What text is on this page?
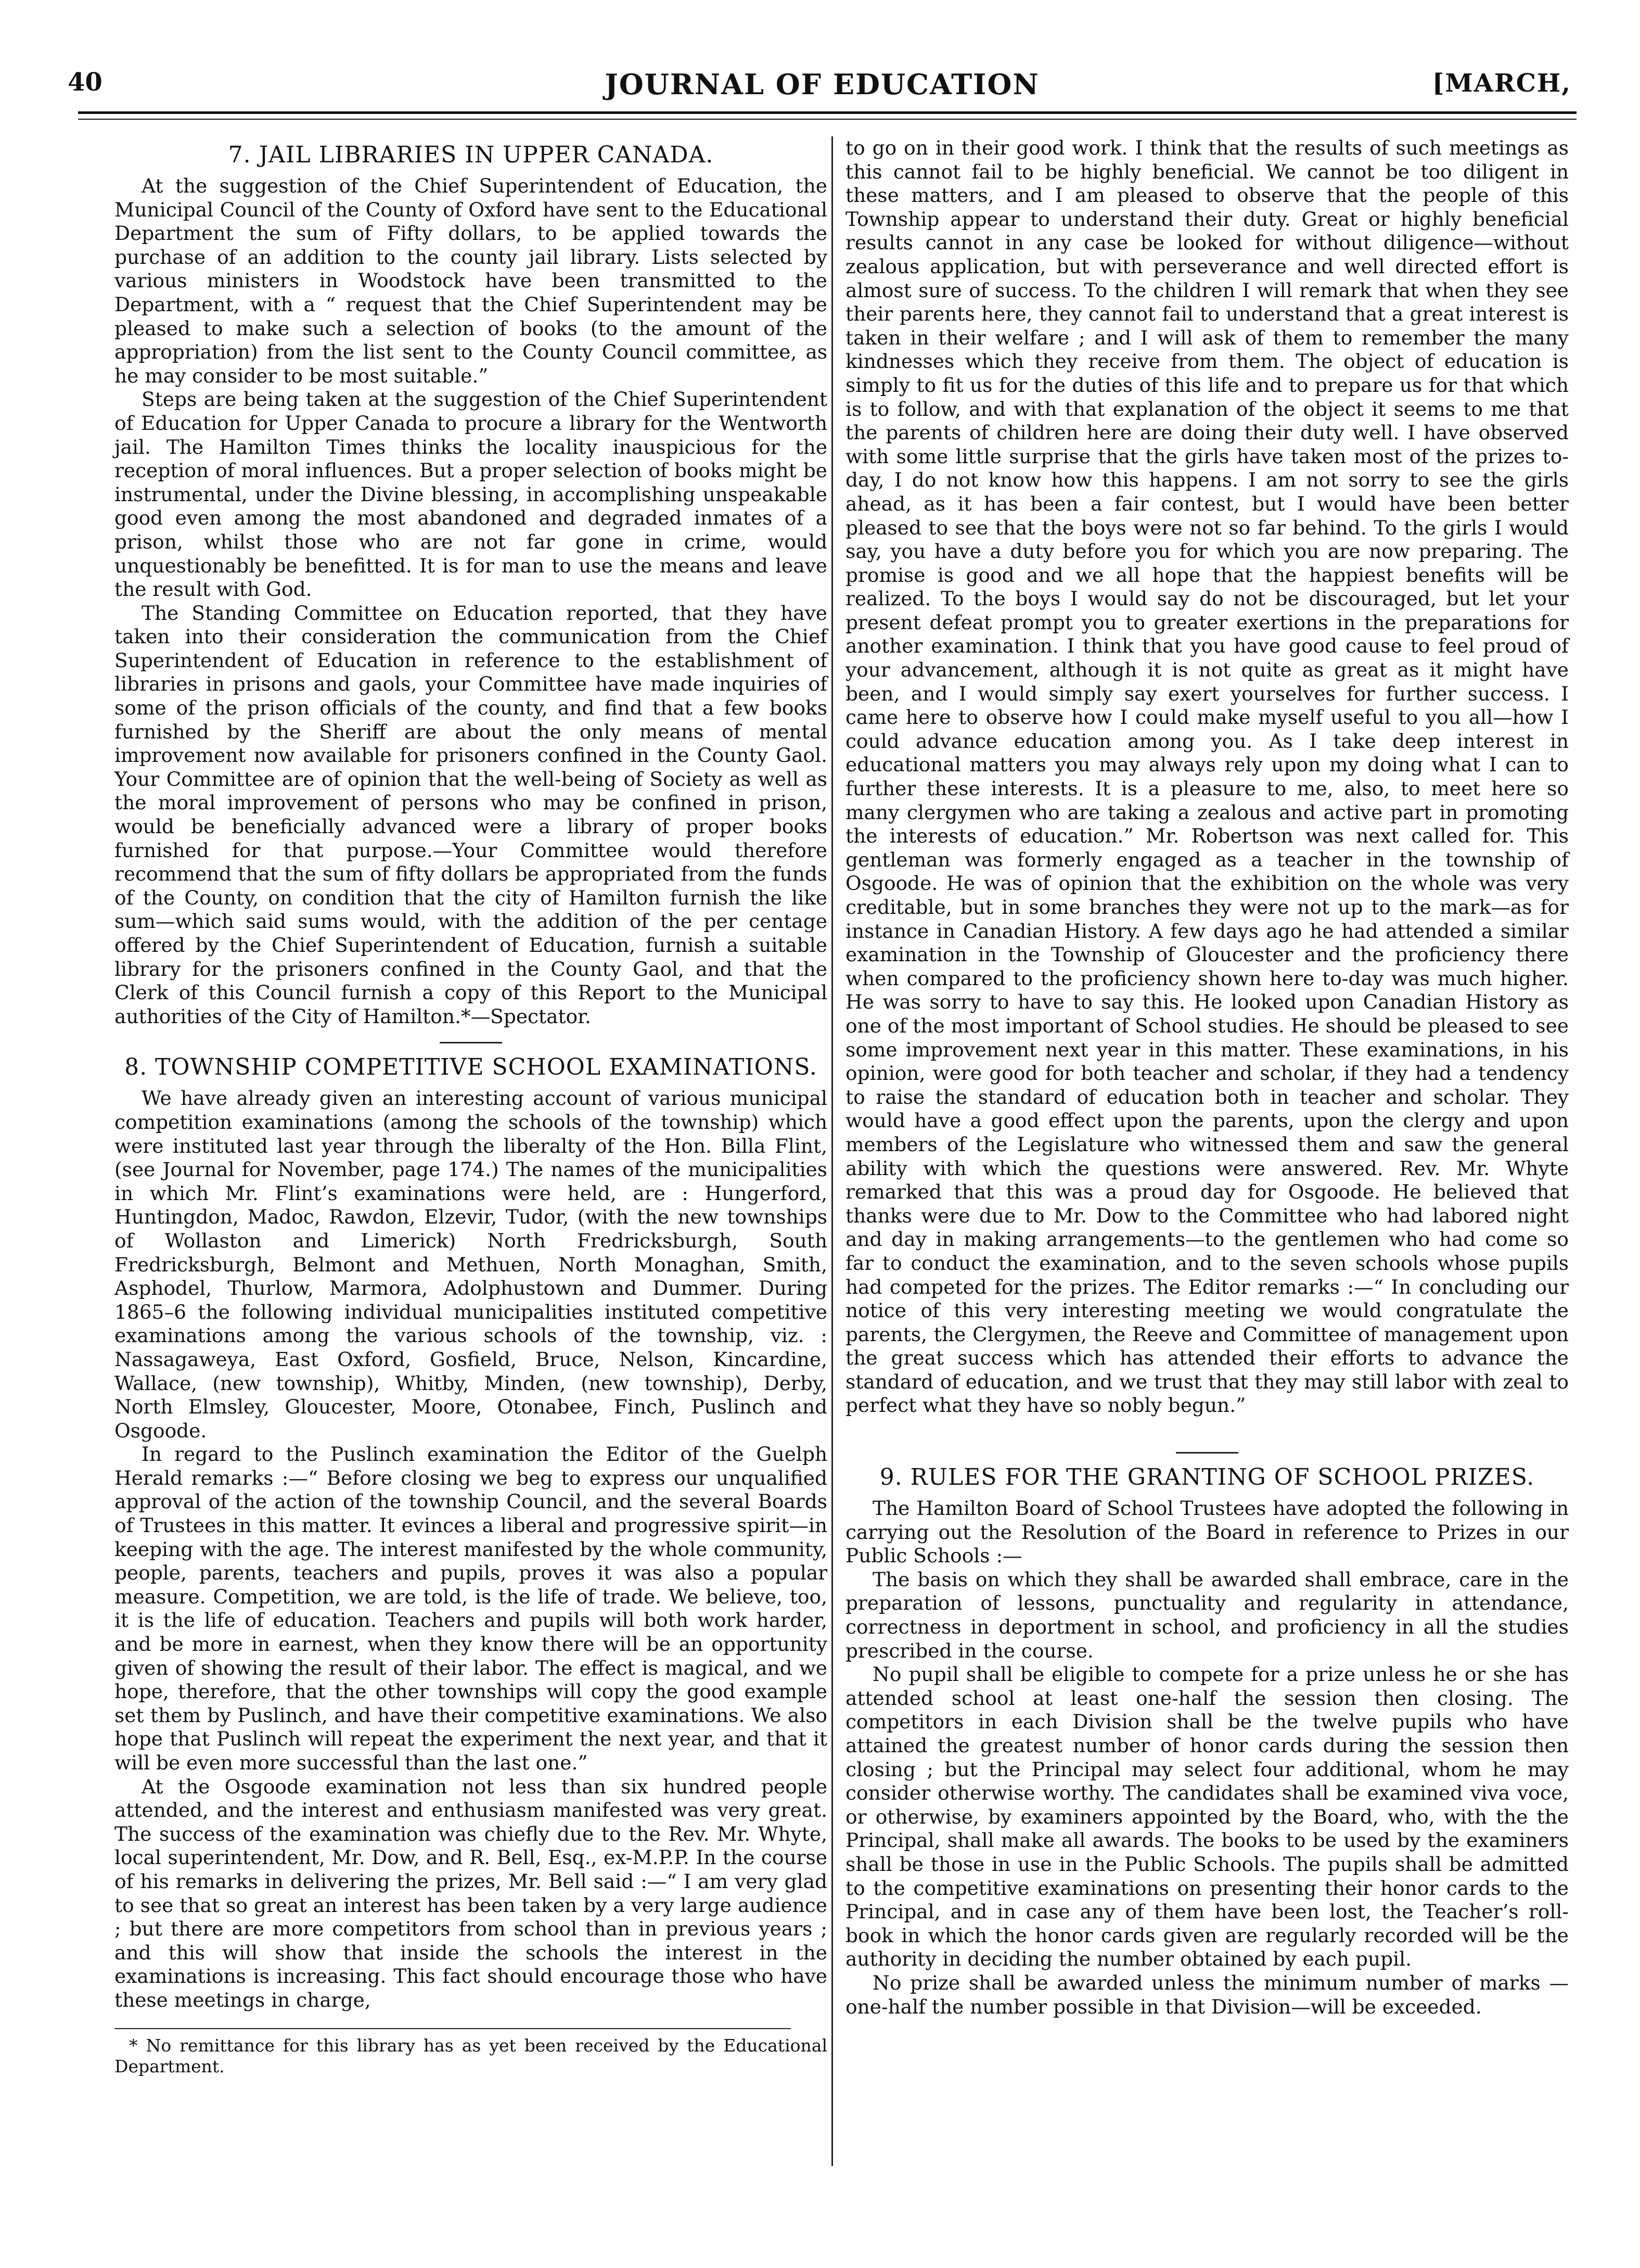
40	JOURNAL OF EDUCATION	[MARCH,
7. JAIL LIBRARIES IN UPPER CANADA.

At the suggestion of the Chief Superintendent of Education, the Municipal Council of the County of Oxford have sent to the Educational Department the sum of Fifty dollars, to be applied towards the purchase of an addition to the county jail library. Lists selected by various ministers in Woodstock have been transmitted to the Department, with a “ request that the Chief Superintendent may be pleased to make such a selection of books (to the amount of the appropriation) from the list sent to the County Council committee, as he may consider to be most suitable.”

Steps are being taken at the suggestion of the Chief Superintendent of Education for Upper Canada to procure a library for the Wentworth jail. The Hamilton Times thinks the locality inauspicious for the reception of moral influences. But a proper selection of books might be instrumental, under the Divine blessing, in accomplishing unspeakable good even among the most abandoned and degraded inmates of a prison, whilst those who are not far gone in crime, would unquestionably be benefitted. It is for man to use the means and leave the result with God.

The Standing Committee on Education reported, that they have taken into their consideration the communication from the Chief Superintendent of Education in reference to the establishment of libraries in prisons and gaols, your Committee have made inquiries of some of the prison officials of the county, and find that a few books furnished by the Sheriff are about the only means of mental improvement now available for prisoners confined in the County Gaol. Your Committee are of opinion that the well-being of Society as well as the moral improvement of persons who may be confined in prison, would be beneficially advanced were a library of proper books furnished for that purpose.—Your Committee would therefore recommend that the sum of fifty dollars be appropriated from the funds of the County, on condition that the city of Hamilton furnish the like sum—which said sums would, with the addition of the per centage offered by the Chief Superintendent of Education, furnish a suitable library for the prisoners confined in the County Gaol, and that the Clerk of this Council furnish a copy of this Report to the Municipal authorities of the City of Hamilton.*—Spectator.

8. TOWNSHIP COMPETITIVE SCHOOL EXAMINATIONS.

We have already given an interesting account of various municipal competition examinations (among the schools of the township) which were instituted last year through the liberalty of the Hon. Billa Flint, (see Journal for November, page 174.) The names of the municipalities in which Mr. Flint’s examinations were held, are : Hungerford, Huntingdon, Madoc, Rawdon, Elzevir, Tudor, (with the new townships of Wollaston and Limerick) North Fredricksburgh, South Fredricksburgh, Belmont and Methuen, North Monaghan, Smith, Asphodel, Thurlow, Marmora, Adolphustown and Dummer. During 1865–6 the following individual municipalities instituted competitive examinations among the various schools of the township, viz. : Nassagaweya, East Oxford, Gosfield, Bruce, Nelson, Kincardine, Wallace, (new township), Whitby, Minden, (new township), Derby, North Elmsley, Gloucester, Moore, Otonabee, Finch, Puslinch and Osgoode.

In regard to the Puslinch examination the Editor of the Guelph Herald remarks :—“ Before closing we beg to express our unqualified approval of the action of the township Council, and the several Boards of Trustees in this matter. It evinces a liberal and progressive spirit—in keeping with the age. The interest manifested by the whole community, people, parents, teachers and pupils, proves it was also a popular measure. Competition, we are told, is the life of trade. We believe, too, it is the life of education. Teachers and pupils will both work harder, and be more in earnest, when they know there will be an opportunity given of showing the result of their labor. The effect is magical, and we hope, therefore, that the other townships will copy the good example set them by Puslinch, and have their competitive examinations. We also hope that Puslinch will repeat the experiment the next year, and that it will be even more successful than the last one.”

At the Osgoode examination not less than six hundred people attended, and the interest and enthusiasm manifested was very great. The success of the examination was chiefly due to the Rev. Mr. Whyte, local superintendent, Mr. Dow, and R. Bell, Esq., ex-M.P.P. In the course of his remarks in delivering the prizes, Mr. Bell said :—“ I am very glad to see that so great an interest has been taken by a very large audience ; but there are more competitors from school than in previous years ; and this will show that inside the schools the interest in the examinations is increasing. This fact should encourage those who have these meetings in charge,

* No remittance for this library has as yet been received by the Educational Department.

to go on in their good work. I think that the results of such meetings as this cannot fail to be highly beneficial. We cannot be too diligent in these matters, and I am pleased to observe that the people of this Township appear to understand their duty. Great or highly beneficial results cannot in any case be looked for without diligence—without zealous application, but with perseverance and well directed effort is almost sure of success. To the children I will remark that when they see their parents here, they cannot fail to understand that a great interest is taken in their welfare ; and I will ask of them to remember the many kindnesses which they receive from them. The object of education is simply to fit us for the duties of this life and to prepare us for that which is to follow, and with that explanation of the object it seems to me that the parents of children here are doing their duty well. I have observed with some little surprise that the girls have taken most of the prizes to-day, I do not know how this happens. I am not sorry to see the girls ahead, as it has been a fair contest, but I would have been better pleased to see that the boys were not so far behind. To the girls I would say, you have a duty before you for which you are now preparing. The promise is good and we all hope that the happiest benefits will be realized. To the boys I would say do not be discouraged, but let your present defeat prompt you to greater exertions in the preparations for another examination. I think that you have good cause to feel proud of your advancement, although it is not quite as great as it might have been, and I would simply say exert yourselves for further success. I came here to observe how I could make myself useful to you all—how I could advance education among you. As I take deep interest in educational matters you may always rely upon my doing what I can to further these interests. It is a pleasure to me, also, to meet here so many clergymen who are taking a zealous and active part in promoting the interests of education.” Mr. Robertson was next called for. This gentleman was formerly engaged as a teacher in the township of Osgoode. He was of opinion that the exhibition on the whole was very creditable, but in some branches they were not up to the mark—as for instance in Canadian History. A few days ago he had attended a similar examination in the Township of Gloucester and the proficiency there when compared to the proficiency shown here to-day was much higher. He was sorry to have to say this. He looked upon Canadian History as one of the most important of School studies. He should be pleased to see some improvement next year in this matter. These examinations, in his opinion, were good for both teacher and scholar, if they had a tendency to raise the standard of education both in teacher and scholar. They would have a good effect upon the parents, upon the clergy and upon members of the Legislature who witnessed them and saw the general ability with which the questions were answered. Rev. Mr. Whyte remarked that this was a proud day for Osgoode. He believed that thanks were due to Mr. Dow to the Committee who had labored night and day in making arrangements—to the gentlemen who had come so far to conduct the examination, and to the seven schools whose pupils had competed for the prizes. The Editor remarks :—“ In concluding our notice of this very interesting meeting we would congratulate the parents, the Clergymen, the Reeve and Committee of management upon the great success which has attended their efforts to advance the standard of education, and we trust that they may still labor with zeal to perfect what they have so nobly begun.”

9. RULES FOR THE GRANTING OF SCHOOL PRIZES.

The Hamilton Board of School Trustees have adopted the following in carrying out the Resolution of the Board in reference to Prizes in our Public Schools :—

The basis on which they shall be awarded shall embrace, care in the preparation of lessons, punctuality and regularity in attendance, correctness in deportment in school, and proficiency in all the studies prescribed in the course.

No pupil shall be eligible to compete for a prize unless he or she has attended school at least one-half the session then closing. The competitors in each Division shall be the twelve pupils who have attained the greatest number of honor cards during the session then closing ; but the Principal may select four additional, whom he may consider otherwise worthy. The candidates shall be examined viva voce, or otherwise, by examiners appointed by the Board, who, with the the Principal, shall make all awards. The books to be used by the examiners shall be those in use in the Public Schools. The pupils shall be admitted to the competitive examinations on presenting their honor cards to the Principal, and in case any of them have been lost, the Teacher’s roll-book in which the honor cards given are regularly recorded will be the authority in deciding the number obtained by each pupil.

No prize shall be awarded unless the minimum number of marks —one-half the number possible in that Division—will be exceeded.
